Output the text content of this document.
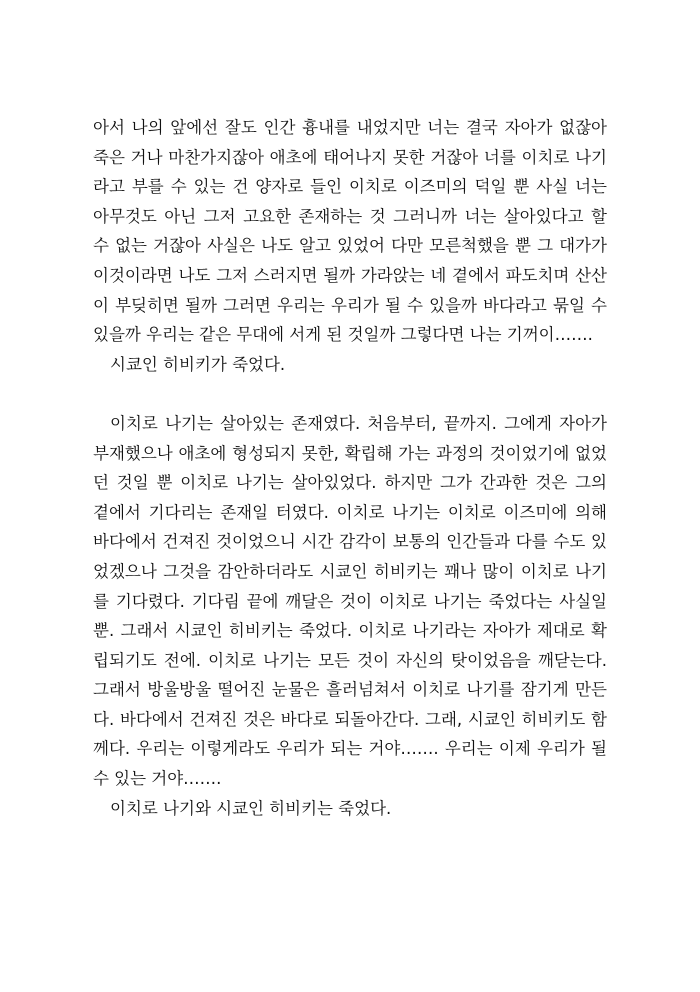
아서 나의 앞에선 잘도 인간 흉내를 내었지만 너는 결국 자아가 없잖아
죽은 거나 마찬가지잖아 애초에 태어나지 못한 거잖아 너를 이치로 나기
라고 부를 수 있는 건 양자로 들인 이치로 이즈미의 덕일 뿐 사실 너는
아무것도 아닌 그저 고요한 존재하는 것 그러니까 너는 살아있다고 할
수 없는 거잖아 사실은 나도 알고 있었어 다만 모른척했을 뿐 그 대가가
이것이라면 나도 그저 스러지면 될까 가라앉는 네 곁에서 파도치며 산산
이 부딪히면 될까 그러면 우리는 우리가 될 수 있을까 바다라고 묶일 수
있을까 우리는 같은 무대에 서게 된 것일까 그렇다면 나는 기꺼이…….
시쿄인 히비키가 죽었다.
이치로 나기는 살아있는 존재였다. 처음부터, 끝까지. 그에게 자아가
부재했으나 애초에 형성되지 못한, 확립해 가는 과정의 것이었기에 없었
던 것일 뿐 이치로 나기는 살아있었다. 하지만 그가 간과한 것은 그의
곁에서 기다리는 존재일 터였다. 이치로 나기는 이치로 이즈미에 의해
바다에서 건져진 것이었으니 시간 감각이 보통의 인간들과 다를 수도 있
었겠으나 그것을 감안하더라도 시쿄인 히비키는 꽤나 많이 이치로 나기
를 기다렸다. 기다림 끝에 깨달은 것이 이치로 나기는 죽었다는 사실일
뿐. 그래서 시쿄인 히비키는 죽었다. 이치로 나기라는 자아가 제대로 확
립되기도 전에. 이치로 나기는 모든 것이 자신의 탓이었음을 깨닫는다.
그래서 방울방울 떨어진 눈물은 흘러넘쳐서 이치로 나기를 잠기게 만든
다. 바다에서 건져진 것은 바다로 되돌아간다. 그래, 시쿄인 히비키도 함
께다. 우리는 이렇게라도 우리가 되는 거야……. 우리는 이제 우리가 될
수 있는 거야…….
이치로 나기와 시쿄인 히비키는 죽었다.
